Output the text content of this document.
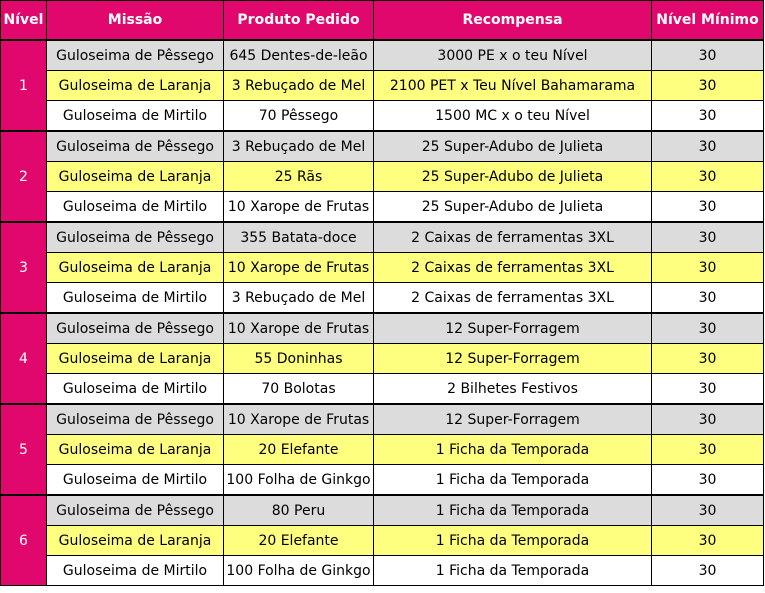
Nível	Missão	Produto Pedido	Recompensa	Nível Mínimo
1	Guloseima de Pêssego	645 Dentes-de-leão	3000 PE x o teu Nível	30
	Guloseima de Laranja	3 Rebuçado de Mel	2100 PET x Teu Nível Bahamarama	30
	Guloseima de Mirtilo	70 Pêssego	1500 MC x o teu Nível	30
2	Guloseima de Pêssego	3 Rebuçado de Mel	25 Super-Adubo de Julieta	30
	Guloseima de Laranja	25 Rãs	25 Super-Adubo de Julieta	30
	Guloseima de Mirtilo	10 Xarope de Frutas	25 Super-Adubo de Julieta	30
3	Guloseima de Pêssego	355 Batata-doce	2 Caixas de ferramentas 3XL	30
	Guloseima de Laranja	10 Xarope de Frutas	2 Caixas de ferramentas 3XL	30
	Guloseima de Mirtilo	3 Rebuçado de Mel	2 Caixas de ferramentas 3XL	30
4	Guloseima de Pêssego	10 Xarope de Frutas	12 Super-Forragem	30
	Guloseima de Laranja	55 Doninhas	12 Super-Forragem	30
	Guloseima de Mirtilo	70 Bolotas	2 Bilhetes Festivos	30
5	Guloseima de Pêssego	10 Xarope de Frutas	12 Super-Forragem	30
	Guloseima de Laranja	20 Elefante	1 Ficha da Temporada	30
	Guloseima de Mirtilo	100 Folha de Ginkgo	1 Ficha da Temporada	30
6	Guloseima de Pêssego	80 Peru	1 Ficha da Temporada	30
	Guloseima de Laranja	20 Elefante	1 Ficha da Temporada	30
	Guloseima de Mirtilo	100 Folha de Ginkgo	1 Ficha da Temporada	30
